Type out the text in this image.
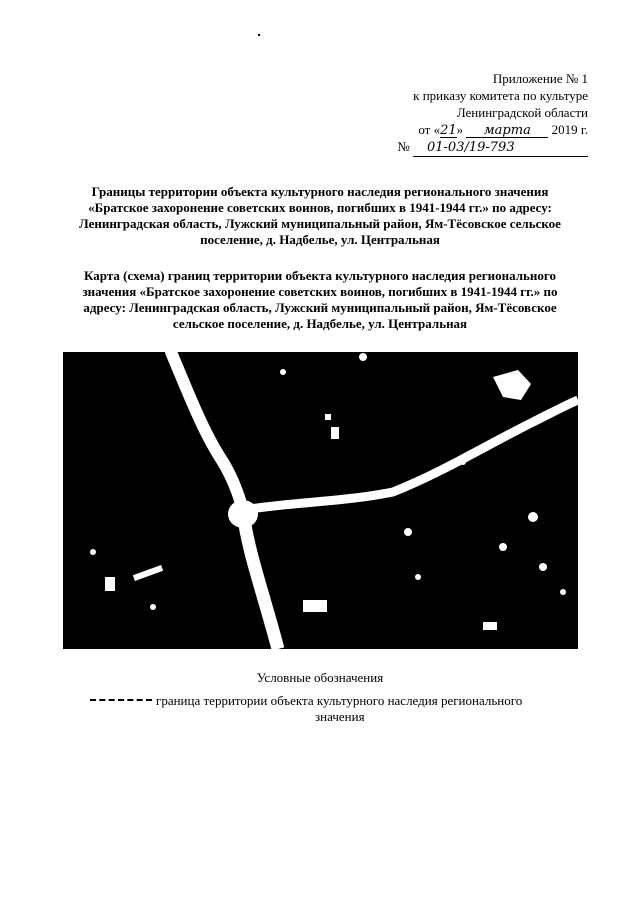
Приложение № 1
к приказу комитета по культуре
Ленинградской области
от «21» марта 2019 г.
№ 01-03/19-793
Границы территории объекта культурного наследия регионального значения «Братское захоронение советских воинов, погибших в 1941-1944 гг.» по адресу: Ленинградская область, Лужский муниципальный район, Ям-Тёсовское сельское поселение, д. Надбелье, ул. Центральная
Карта (схема) границ территории объекта культурного наследия регионального значения «Братское захоронение советских воинов, погибших в 1941-1944 гг.» по адресу: Ленинградская область, Лужский муниципальный район, Ям-Тёсовское сельское поселение, д. Надбелье, ул. Центральная
Условные обозначения
граница территории объекта культурного наследия регионального
значения
